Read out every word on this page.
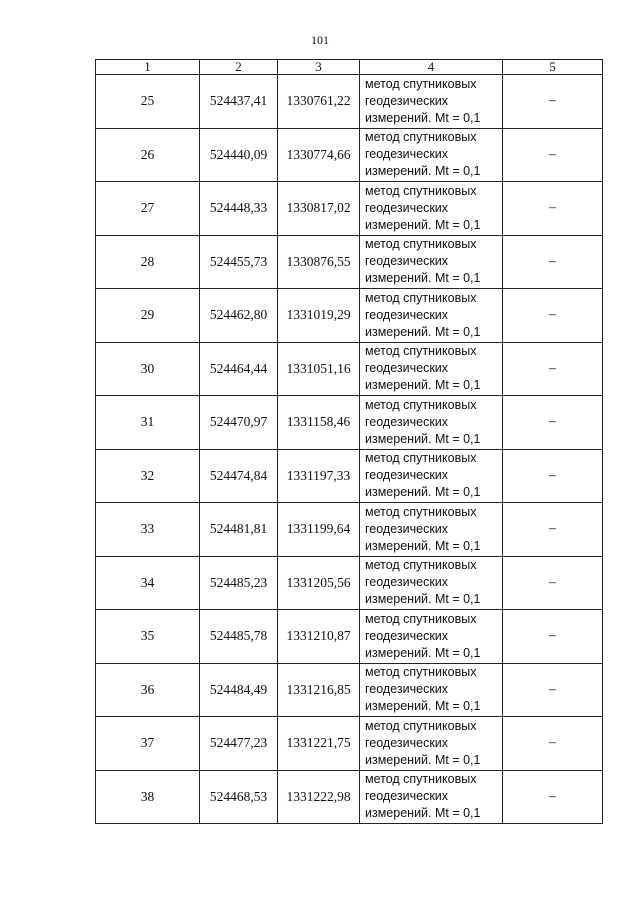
101
1	2	3	4	5
25	524437,41	1330761,22	метод спутниковых
геодезических
измерений. Mt = 0,1	–
26	524440,09	1330774,66	метод спутниковых
геодезических
измерений. Mt = 0,1	–
27	524448,33	1330817,02	метод спутниковых
геодезических
измерений. Mt = 0,1	–
28	524455,73	1330876,55	метод спутниковых
геодезических
измерений. Mt = 0,1	–
29	524462,80	1331019,29	метод спутниковых
геодезических
измерений. Mt = 0,1	–
30	524464,44	1331051,16	метод спутниковых
геодезических
измерений. Mt = 0,1	–
31	524470,97	1331158,46	метод спутниковых
геодезических
измерений. Mt = 0,1	–
32	524474,84	1331197,33	метод спутниковых
геодезических
измерений. Mt = 0,1	–
33	524481,81	1331199,64	метод спутниковых
геодезических
измерений. Mt = 0,1	–
34	524485,23	1331205,56	метод спутниковых
геодезических
измерений. Mt = 0,1	–
35	524485,78	1331210,87	метод спутниковых
геодезических
измерений. Mt = 0,1	–
36	524484,49	1331216,85	метод спутниковых
геодезических
измерений. Mt = 0,1	–
37	524477,23	1331221,75	метод спутниковых
геодезических
измерений. Mt = 0,1	–
38	524468,53	1331222,98	метод спутниковых
геодезических
измерений. Mt = 0,1	–
